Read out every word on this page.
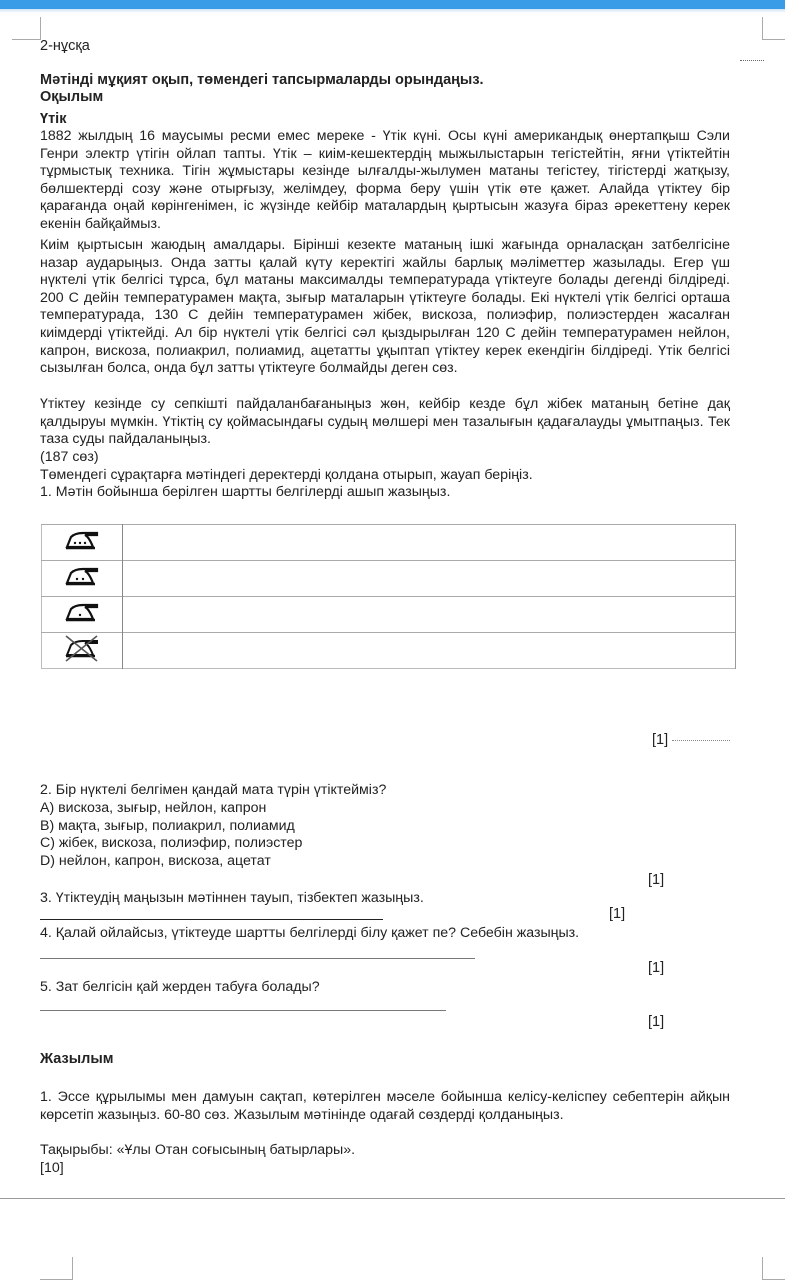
2-нұсқа
Мәтінді мұқият оқып, төмендегі тапсырмаларды орындаңыз.
Оқылым
Үтік
1882 жылдың 16 маусымы ресми емес мереке - Үтік күні. Осы күні американдық өнертапқыш Сэли Генри электр үтігін ойлап тапты. Үтік – киім-кешектердің мыжылыстарын тегістейтін, яғни үтіктейтін тұрмыстық техника. Тігін жұмыстары кезінде ылғалды-жылумен матаны тегістеу, тігістерді жатқызу, бөлшектерді созу және отырғызу, желімдеу, форма беру үшін үтік өте қажет. Алайда үтіктеу бір қарағанда оңай көрінгенімен, іс жүзінде кейбір маталардың қыртысын жазуға біраз әрекеттену керек екенін байқаймыз.
Киім қыртысын жаюдың амалдары. Бірінші кезекте матаның ішкі жағында орналасқан затбелгісіне назар аударыңыз. Онда затты қалай күту керектігі жайлы барлық мәліметтер жазылады. Егер үш нүктелі үтік белгісі тұрса, бұл матаны максималды температурада үтіктеуге болады дегенді білдіреді. 200 С дейін температурамен мақта, зығыр маталарын үтіктеуге болады. Екі нүктелі үтік белгісі орташа температурада, 130 С дейін температурамен жібек, вискоза, полиэфир, полиэстерден жасалған киімдерді үтіктейді. Ал бір нүктелі үтік белгісі сәл қыздырылған 120 С дейін температурамен нейлон, капрон, вискоза, полиакрил, полиамид, ацетатты ұқыптап үтіктеу керек екендігін білдіреді. Үтік белгісі сызылған болса, онда бұл затты үтіктеуге болмайды деген сөз.
Үтіктеу кезінде су сепкішті пайдаланбағаныңыз жөн, кейбір кезде бұл жібек матаның бетіне дақ қалдыруы мүмкін. Үтіктің су қоймасындағы судың мөлшері мен тазалығын қадағалауды ұмытпаңыз. Тек таза суды пайдаланыңыз.
(187 сөз)
Төмендегі сұрақтарға мәтіндегі деректерді қолдана отырып, жауап беріңіз.
1. Мәтін бойынша берілген шартты белгілерді ашып жазыңыз.

[1]
2. Бір нүктелі белгімен қандай мата түрін үтіктейміз?
A) вискоза, зығыр, нейлон, капрон
B) мақта, зығыр, полиакрил, полиамид
C) жібек, вискоза, полиэфир, полиэстер
D) нейлон, капрон, вискоза, ацетат
[1]
3. Үтіктеудің маңызын мәтіннен тауып, тізбектеп жазыңыз.
[1]
4. Қалай ойлайсыз, үтіктеуде шартты белгілерді білу қажет пе? Себебін жазыңыз.
[1]
5. Зат белгісін қай жерден табуға болады?
[1]
Жазылым
1. Эссе құрылымы мен дамуын сақтап, көтерілген мәселе бойынша келісу-келіспеу себептерін айқын көрсетіп жазыңыз. 60-80 сөз. Жазылым мәтінінде одағай сөздерді қолданыңыз.
Тақырыбы: «Ұлы Отан соғысының батырлары».
[10]
